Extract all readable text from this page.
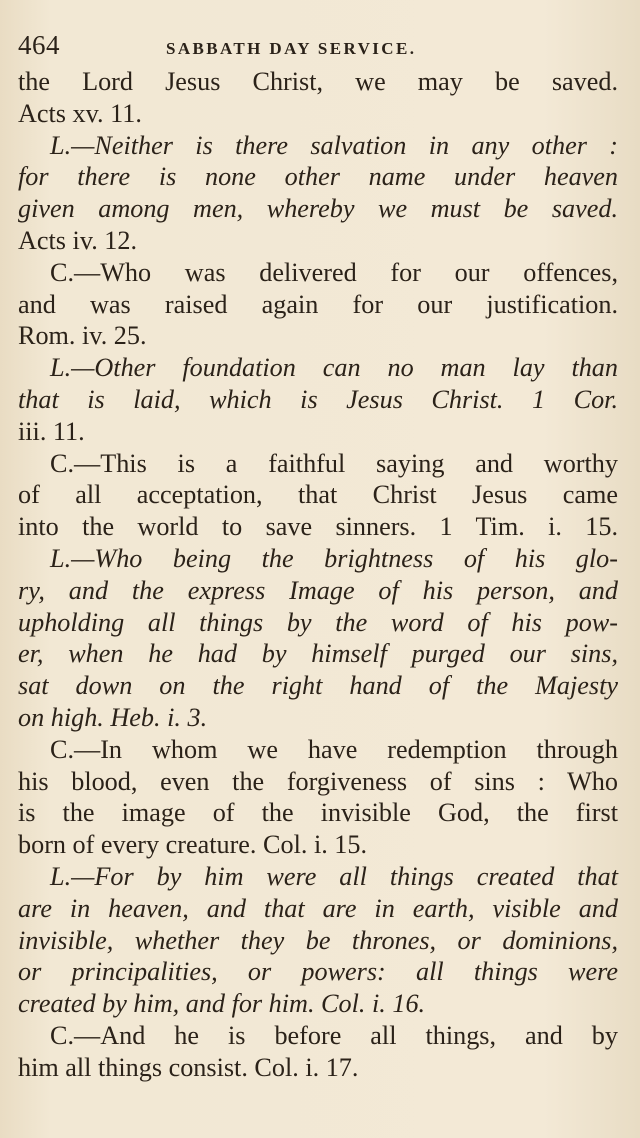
464	SABBATH DAY SERVICE.
the Lord Jesus Christ, we may be saved.
Acts xv. 11.
L.—Neither is there salvation in any other :
for there is none other name under heaven
given among men, whereby we must be saved.
Acts iv. 12.
C.—Who was delivered for our offences,
and was raised again for our justification.
Rom. iv. 25.
L.—Other foundation can no man lay than
that is laid, which is Jesus Christ. 1 Cor.
iii. 11.
C.—This is a faithful saying and worthy
of all acceptation, that Christ Jesus came
into the world to save sinners. 1 Tim. i. 15.
L.—Who being the brightness of his glo-
ry, and the express Image of his person, and
upholding all things by the word of his pow-
er, when he had by himself purged our sins,
sat down on the right hand of the Majesty
on high. Heb. i. 3.
C.—In whom we have redemption through
his blood, even the forgiveness of sins : Who
is the image of the invisible God, the first
born of every creature. Col. i. 15.
L.—For by him were all things created that
are in heaven, and that are in earth, visible and
invisible, whether they be thrones, or dominions,
or principalities, or powers: all things were
created by him, and for him. Col. i. 16.
C.—And he is before all things, and by
him all things consist. Col. i. 17.
